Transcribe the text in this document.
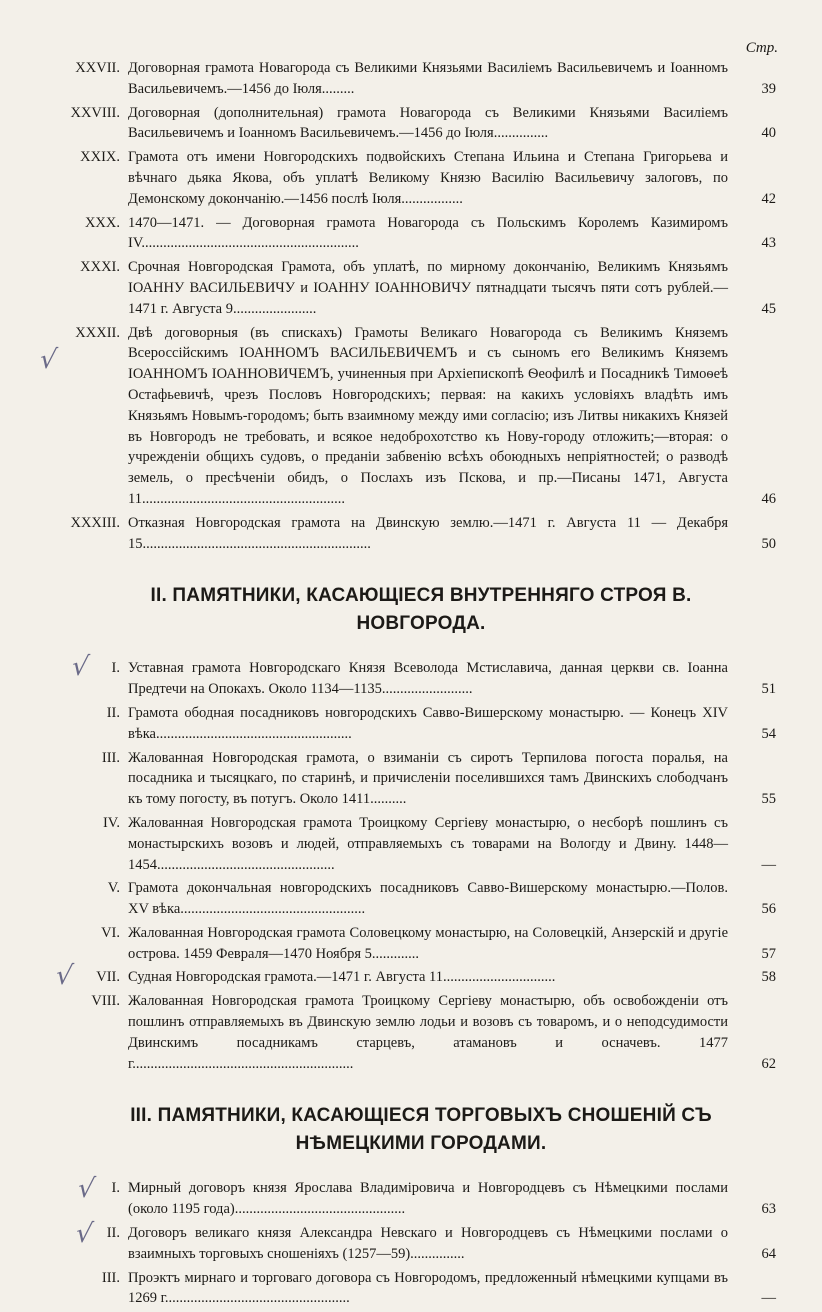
Стр.
XXVII. Договорная грамота Новагорода съ Великими Князьями Василіемъ Васильевичемъ и Іоанномъ Васильевичемъ.—1456 до Іюля.........	39
XXVIII. Договорная (дополнительная) грамота Новагорода съ Великими Князьями Василіемъ Васильевичемъ и Іоанномъ Васильевичемъ.—1456 до Іюля...............	40
XXIX. Грамота отъ имени Новгородскихъ подвойскихъ Степана Ильина и Степана Григорьева и вѣчнаго дьяка Якова, объ уплатѣ Великому Князю Василію Васильевичу залоговъ, по Демонскому докончанію.—1456 послѣ Іюля.................	42
XXX. 1470—1471. — Договорная грамота Новагорода съ Польскимъ Королемъ Казимиромъ IV............................................................	43
XXXI. Срочная Новгородская Грамота, объ уплатѣ, по мирному докончанію, Великимъ Князьямъ ІОАННУ ВАСИЛЬЕВИЧУ и ІОАННУ ІОАННОВИЧУ пятнадцати тысячъ пяти сотъ рублей.—1471 г. Августа 9.......................	45
√
XXXII. Двѣ договорныя (въ спискахъ) Грамоты Великаго Новагорода съ Великимъ Княземъ Всероссійскимъ ІОАННОМЪ ВАСИЛЬЕВИЧЕМЪ и съ сыномъ его Великимъ Княземъ ІОАННОМЪ ІОАННОВИЧЕМЪ, учиненныя при Архіепископѣ Ѳеофилѣ и Посадникѣ Тимоѳеѣ Остафьевичѣ, чрезъ Пословъ Новгородскихъ; первая: на какихъ условіяхъ владѣть имъ Князьямъ Новымъ-городомъ; быть взаимному между ими согласію; изъ Литвы никакихъ Князей въ Новгородъ не требовать, и всякое недоброхотство къ Нову-городу отложить;—вторая: о учрежденіи общихъ судовъ, о преданіи забвенію всѣхъ обоюдныхъ непріятностей; о разводѣ земель, о пресѣченіи обидъ, о Послахъ изъ Пскова, и пр.—Писаны 1471, Августа 11........................................................	46
XXXIII. Отказная Новгородская грамота на Двинскую землю.—1471 г. Августа 11 — Декабря 15...............................................................	50
II. ПАМЯТНИКИ, КАСАЮЩІЕСЯ ВНУТРЕННЯГО СТРОЯ В. НОВГОРОДА.
√	I. Уставная грамота Новгородскаго Князя Всеволода Мстиславича, данная церкви св. Іоанна Предтечи на Опокахъ. Около 1134—1135.........................	51
II. Грамота ободная посадниковъ новгородскихъ Савво-Вишерскому монастырю. — Конецъ XIV вѣка......................................................	54
III. Жалованная Новгородская грамота, о взиманіи съ сиротъ Терпилова погоста поралья, на посадника и тысяцкаго, по старинѣ, и причисленіи поселившихся тамъ Двинскихъ слободчанъ къ тому погосту, въ потугъ. Около 1411..........	55
IV. Жалованная Новгородская грамота Троицкому Сергіеву монастырю, о несборѣ пошлинъ съ монастырскихъ возовъ и людей, отправляемыхъ съ товарами на Вологду и Двину. 1448—1454.................................................	—
V. Грамота докончальная новгородскихъ посадниковъ Савво-Вишерскому монастырю.—Полов. XV вѣка...................................................	56
VI. Жалованная Новгородская грамота Соловецкому монастырю, на Соловецкій, Анзерскій и другіе острова. 1459 Февраля—1470 Ноября 5.............	57
√	VII. Судная Новгородская грамота.—1471 г. Августа 11...............................	58
VIII. Жалованная Новгородская грамота Троицкому Сергіеву монастырю, объ освобожденіи отъ пошлинъ отправляемыхъ въ Двинскую землю лодьи и возовъ съ товаромъ, и о неподсудимости Двинскимъ посадникамъ старцевъ, атамановъ и осначевъ. 1477 г.............................................................	62
III. ПАМЯТНИКИ, КАСАЮЩІЕСЯ ТОРГОВЫХЪ СНОШЕНІЙ СЪ НѢМЕЦКИМИ ГОРОДАМИ.
√	I. Мирный договоръ князя Ярослава Владиміровича и Новгородцевъ съ Нѣмецкими послами (около 1195 года)...............................................	63
√ II. Договоръ великаго князя Александра Невскаго и Новгородцевъ съ Нѣмецкими послами о взаимныхъ торговыхъ сношеніяхъ (1257—59)...............	64
III. Проэктъ мирнаго и торговаго договора съ Новгородомъ, предложенный нѣмецкими купцами въ 1269 г...................................................	—
